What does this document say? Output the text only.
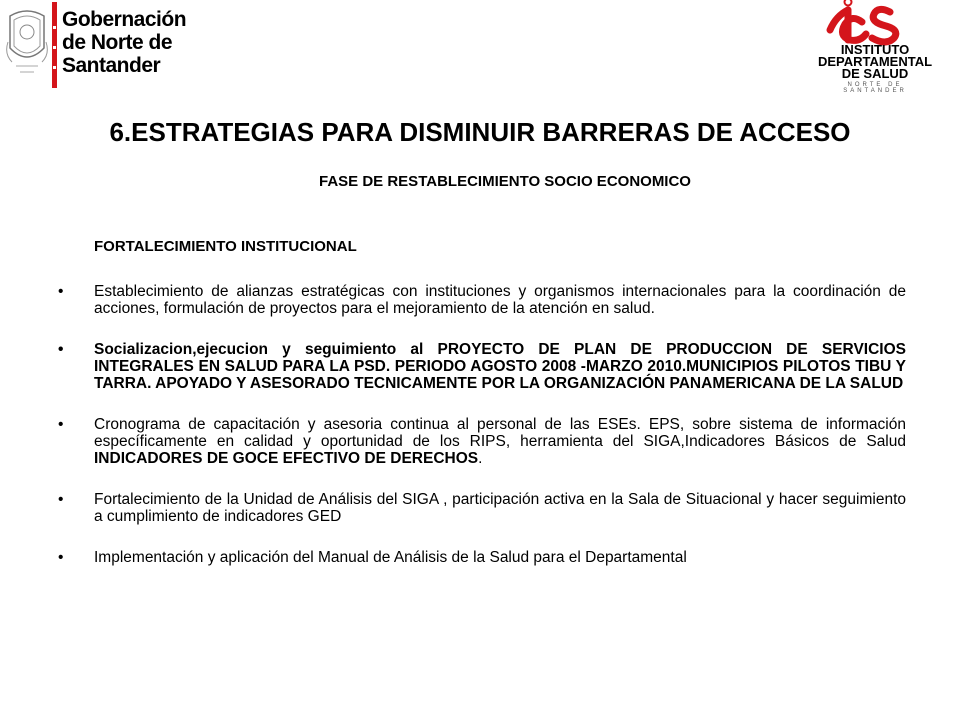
Gobernación
de Norte de
Santander
INSTITUTO
DEPARTAMENTAL
DE SALUD
NORTE DE SANTANDER
6.ESTRATEGIAS PARA DISMINUIR BARRERAS DE ACCESO
FASE DE RESTABLECIMIENTO SOCIO ECONOMICO
FORTALECIMIENTO INSTITUCIONAL
• Establecimiento de alianzas estratégicas con instituciones y organismos internacionales para la coordinación de acciones, formulación de proyectos para el mejoramiento de la atención en salud.
• Socializacion,ejecucion y seguimiento al PROYECTO DE PLAN DE PRODUCCION DE SERVICIOS INTEGRALES EN SALUD PARA LA PSD. PERIODO AGOSTO 2008 -MARZO 2010.MUNICIPIOS PILOTOS TIBU Y TARRA. APOYADO Y ASESORADO TECNICAMENTE POR LA ORGANIZACIÓN PANAMERICANA DE LA SALUD
• Cronograma de capacitación y asesoria continua al personal de las ESEs. EPS, sobre sistema de información específicamente en calidad y oportunidad de los RIPS, herramienta del SIGA,Indicadores Básicos de Salud INDICADORES DE GOCE EFECTIVO DE DERECHOS.
• Fortalecimiento de la Unidad de Análisis del SIGA , participación activa en la Sala de Situacional y hacer seguimiento a cumplimiento de indicadores GED
• Implementación y aplicación del Manual de Análisis de la Salud para el Departamental
